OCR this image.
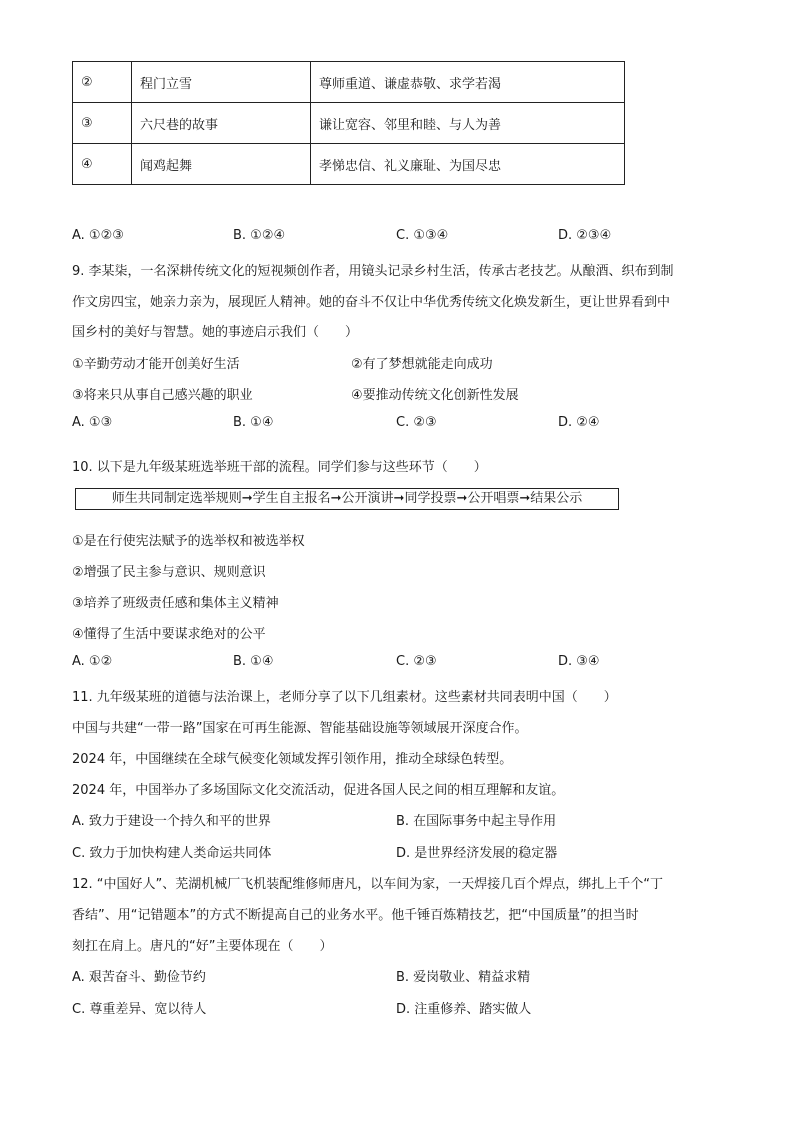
②	程门立雪	尊师重道、谦虚恭敬、求学若渴
③	六尺巷的故事	谦让宽容、邻里和睦、与人为善
④	闻鸡起舞	孝悌忠信、礼义廉耻、为国尽忠
A. ①②③	B. ①②④	C. ①③④	D. ②③④
9. 李某柒，一名深耕传统文化的短视频创作者，用镜头记录乡村生活，传承古老技艺。从酿酒、织布到制
作文房四宝，她亲力亲为，展现匠人精神。她的奋斗不仅让中华优秀传统文化焕发新生，更让世界看到中
国乡村的美好与智慧。她的事迹启示我们（　　）
①辛勤劳动才能开创美好生活	②有了梦想就能走向成功
③将来只从事自己感兴趣的职业	④要推动传统文化创新性发展
A. ①③	B. ①④	C. ②③	D. ②④
10. 以下是九年级某班选举班干部的流程。同学们参与这些环节（　　）
师生共同制定选举规则➞学生自主报名➞公开演讲➞同学投票➞公开唱票➞结果公示
①是在行使宪法赋予的选举权和被选举权
②增强了民主参与意识、规则意识
③培养了班级责任感和集体主义精神
④懂得了生活中要谋求绝对的公平
A. ①②	B. ①④	C. ②③	D. ③④
11. 九年级某班的道德与法治课上，老师分享了以下几组素材。这些素材共同表明中国（　　）
中国与共建“一带一路”国家在可再生能源、智能基础设施等领域展开深度合作。
2024 年，中国继续在全球气候变化领域发挥引领作用，推动全球绿色转型。
2024 年，中国举办了多场国际文化交流活动，促进各国人民之间的相互理解和友谊。
A. 致力于建设一个持久和平的世界	B. 在国际事务中起主导作用
C. 致力于加快构建人类命运共同体	D. 是世界经济发展的稳定器
12. “中国好人”、芜湖机械厂飞机装配维修师唐凡，以车间为家，一天焊接几百个焊点，绑扎上千个“丁
香结”、用“记错题本”的方式不断提高自己的业务水平。他千锤百炼精技艺，把“中国质量”的担当时
刻扛在肩上。唐凡的“好”主要体现在（　　）
A. 艰苦奋斗、勤俭节约	B. 爱岗敬业、精益求精
C. 尊重差异、宽以待人	D. 注重修养、踏实做人
